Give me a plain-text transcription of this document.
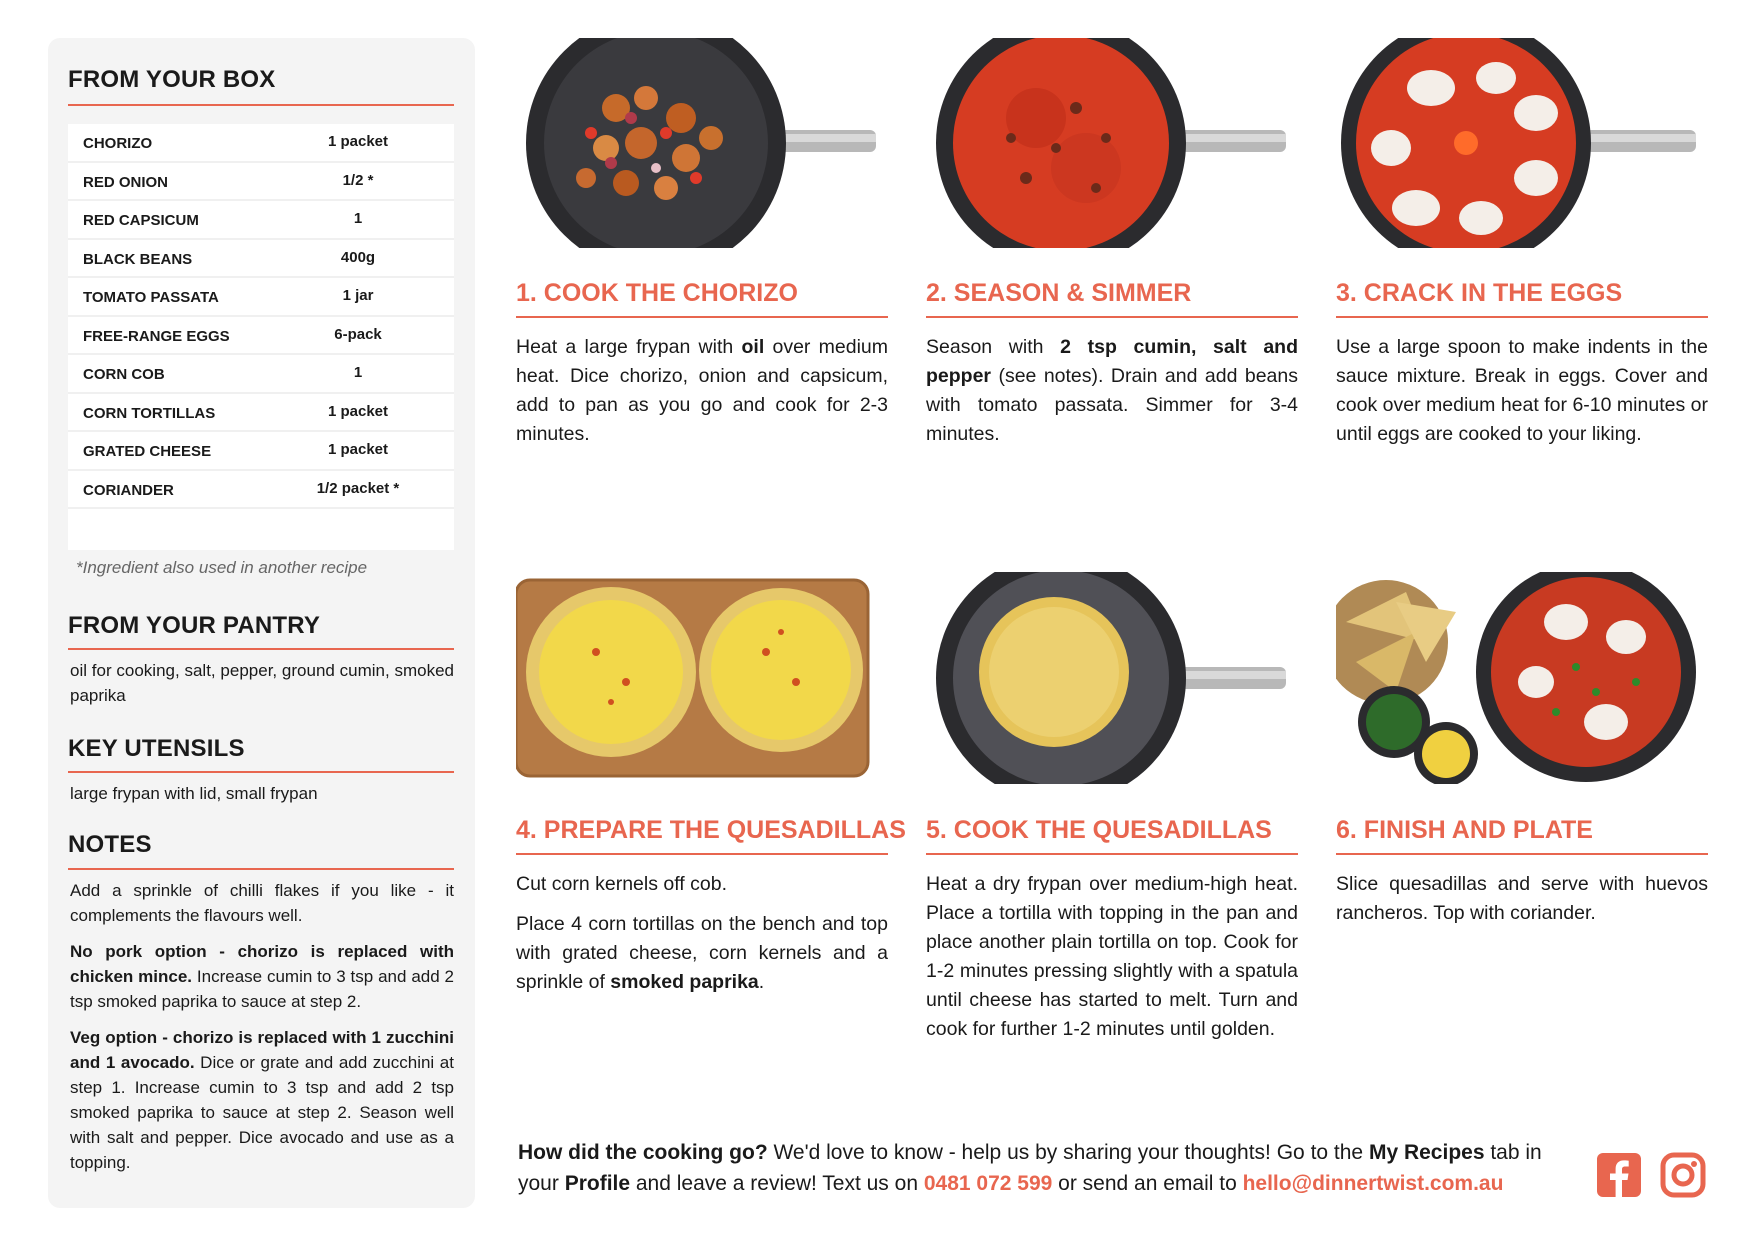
FROM YOUR BOX
CHORIZO	1 packet
RED ONION	1/2 *
RED CAPSICUM	1
BLACK BEANS	400g
TOMATO PASSATA	1 jar
FREE-RANGE EGGS	6-pack
CORN COB	1
CORN TORTILLAS	1 packet
GRATED CHEESE	1 packet
CORIANDER	1/2 packet *
*Ingredient also used in another recipe
FROM YOUR PANTRY
oil for cooking, salt, pepper, ground cumin, smoked paprika
KEY UTENSILS
large frypan with lid, small frypan
NOTES

Add a sprinkle of chilli flakes if you like - it complements the flavours well.

No pork option - chorizo is replaced with chicken mince. Increase cumin to 3 tsp and add 2 tsp smoked paprika to sauce at step 2.

Veg option - chorizo is replaced with 1 zucchini and 1 avocado. Dice or grate and add zucchini at step 1. Increase cumin to 3 tsp and add 2 tsp smoked paprika to sauce at step 2. Season well with salt and pepper. Dice avocado and use as a topping.

1. COOK THE CHORIZO

Heat a large frypan with oil over medium heat. Dice chorizo, onion and capsicum, add to pan as you go and cook for 2-3 minutes.

2. SEASON & SIMMER

Season with 2 tsp cumin, salt and pepper (see notes). Drain and add beans with tomato passata. Simmer for 3-4 minutes.

3. CRACK IN THE EGGS

Use a large spoon to make indents in the sauce mixture. Break in eggs. Cover and cook over medium heat for 6-10 minutes or until eggs are cooked to your liking.

4. PREPARE THE QUESADILLAS

Cut corn kernels off cob.

Place 4 corn tortillas on the bench and top with grated cheese, corn kernels and a sprinkle of smoked paprika.

5. COOK THE QUESADILLAS

Heat a dry frypan over medium-high heat. Place a tortilla with topping in the pan and place another plain tortilla on top. Cook for 1-2 minutes pressing slightly with a spatula until cheese has started to melt. Turn and cook for further 1-2 minutes until golden.

6. FINISH AND PLATE

Slice quesadillas and serve with huevos rancheros. Top with coriander.

How did the cooking go? We'd love to know - help us by sharing your thoughts! Go to the My Recipes tab in your Profile and leave a review! Text us on 0481 072 599 or send an email to hello@dinnertwist.com.au
